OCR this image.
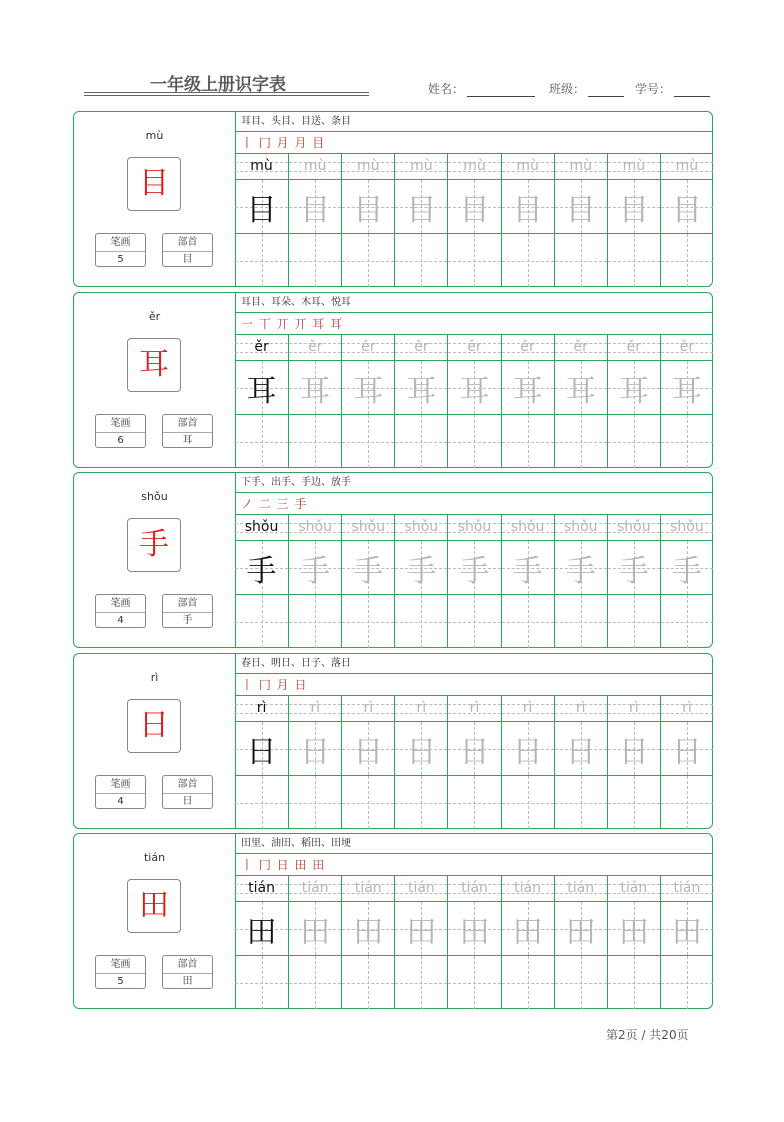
一年级上册识字表	姓名：	班级：	学号：
mù
目
笔画
5
部首
目
耳目、头目、目送、条目
丨 冂 月 月 目
mù	mù	mù	mù	mù	mù	mù	mù	mù
目 目 目 目 目 目 目 目 目
ěr
耳
笔画
6
部首
耳
耳目、耳朵、木耳、悦耳
一 丅 丌 丌 耳 耳
ěr	ěr	ěr	ěr	ěr	ěr	ěr	ěr	ěr
耳 耳 耳 耳 耳 耳 耳 耳 耳
shǒu
手
笔画
4
部首
手
下手、出手、手边、放手
ノ 二 三 手
shǒu	shǒu	shǒu	shǒu	shǒu	shǒu	shǒu	shǒu	shǒu
手 手 手 手 手 手 手 手 手
rì
日
笔画
4
部首
日
春日、明日、日子、落日
丨 冂 月 日
rì	rì	rì	rì	rì	rì	rì	rì	rì
日 日 日 日 日 日 日 日 日
tián
田
笔画
5
部首
田
田里、油田、稻田、田埂
丨 冂 日 田 田
tián	tián	tián	tián	tián	tián	tián	tián	tián
田 田 田 田 田 田 田 田 田
第2页 / 共20页
